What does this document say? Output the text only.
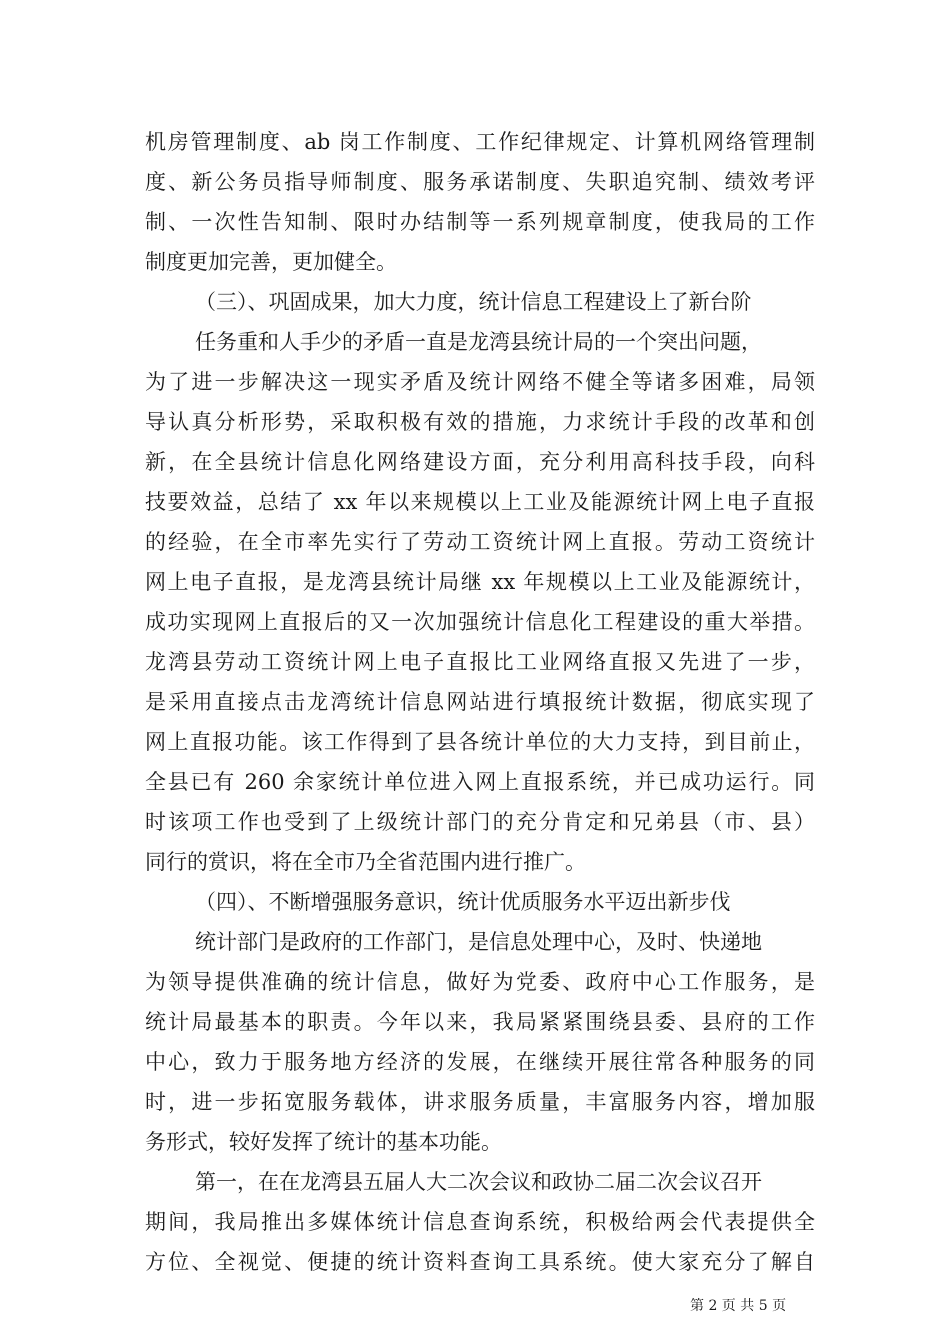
机房管理制度、ab 岗工作制度、工作纪律规定、计算机网络管理制
度、新公务员指导师制度、服务承诺制度、失职追究制、绩效考评
制、一次性告知制、限时办结制等一系列规章制度，使我局的工作
制度更加完善，更加健全。
（三）、巩固成果，加大力度，统计信息工程建设上了新台阶
任务重和人手少的矛盾一直是龙湾县统计局的一个突出问题，
为了进一步解决这一现实矛盾及统计网络不健全等诸多困难，局领
导认真分析形势，采取积极有效的措施，力求统计手段的改革和创
新，在全县统计信息化网络建设方面，充分利用高科技手段，向科
技要效益，总结了 xx 年以来规模以上工业及能源统计网上电子直报
的经验，在全市率先实行了劳动工资统计网上直报。劳动工资统计
网上电子直报，是龙湾县统计局继 xx 年规模以上工业及能源统计，
成功实现网上直报后的又一次加强统计信息化工程建设的重大举措。
龙湾县劳动工资统计网上电子直报比工业网络直报又先进了一步，
是采用直接点击龙湾统计信息网站进行填报统计数据，彻底实现了
网上直报功能。该工作得到了县各统计单位的大力支持，到目前止，
全县已有 260 余家统计单位进入网上直报系统，并已成功运行。同
时该项工作也受到了上级统计部门的充分肯定和兄弟县（市、县）
同行的赏识，将在全市乃全省范围内进行推广。
（四）、不断增强服务意识，统计优质服务水平迈出新步伐
统计部门是政府的工作部门，是信息处理中心，及时、快递地
为领导提供准确的统计信息，做好为党委、政府中心工作服务，是
统计局最基本的职责。今年以来，我局紧紧围绕县委、县府的工作
中心，致力于服务地方经济的发展，在继续开展往常各种服务的同
时，进一步拓宽服务载体，讲求服务质量，丰富服务内容，增加服
务形式，较好发挥了统计的基本功能。
第一，在在龙湾县五届人大二次会议和政协二届二次会议召开
期间，我局推出多媒体统计信息查询系统，积极给两会代表提供全
方位、全视觉、便捷的统计资料查询工具系统。使大家充分了解自
第 2 页 共 5 页
